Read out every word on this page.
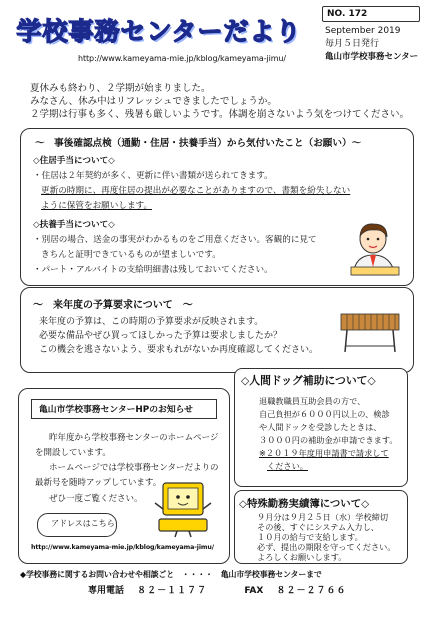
学校事務センターだより
http://www.kameyama-mie.jp/kblog/kameyama-jimu/
NO. 172
September 2019
毎月５日発行
亀山市学校事務センター
夏休みも終わり、２学期が始まりました。
みなさん、休み中はリフレッシュできましたでしょうか。
２学期は行事も多く、残暑も厳しいようです。体調を崩さないよう気をつけてください。
～　事後確認点検（通勤・住居・扶養手当）から気付いたこと（お願い）～
◇住居手当について◇
・住居は２年契約が多く、更新に伴い書類が送られてきます。
更新の時期に、再度住居の提出が必要なことがありますので、書類を紛失しない
ように保管をお願いします。
◇扶養手当について◇
・別居の場合、送金の事実がわかるものをご用意ください。客観的に見て
きちんと証明できているものが望ましいです。
・パート・アルバイトの支給明細書は残しておいてください。
～　来年度の予算要求について　～
来年度の予算は、この時期の予算要求が反映されます。
必要な備品やぜひ買ってほしかった予算は要求しましたか？
この機会を逃さないよう、要求もれがないか再度確認してください。
亀山市学校事務センターHPのお知らせ
昨年度から学校事務センターのホームページ
を開設しています。
ホームページでは学校事務センターだよりの
最新号を随時アップしています。
ぜひ一度ご覧ください。
アドレスはこちら
http://www.kameyama-mie.jp/kblog/kameyama-jimu/
◇人間ドッグ補助について◇
退職教職員互助会員の方で、
自己負担が６０００円以上の、検診
や人間ドックを受診したときは、
３０００円の補助金が申請できます。
※２０１９年度用申請書で請求して
ください。
◇特殊勤務実績簿について◇
９月分は９月２５日（水）学校締切
その後、すぐにシステム入力し、
１０月の給与で支給します。
必ず、提出の期限を守ってください。
よろしくお願いします。
◆学校事務に関するお問い合わせや相談ごと　・・・・　亀山市学校事務センターまで
専用電話 ８２－１１７７	FAX ８２－２７６６
